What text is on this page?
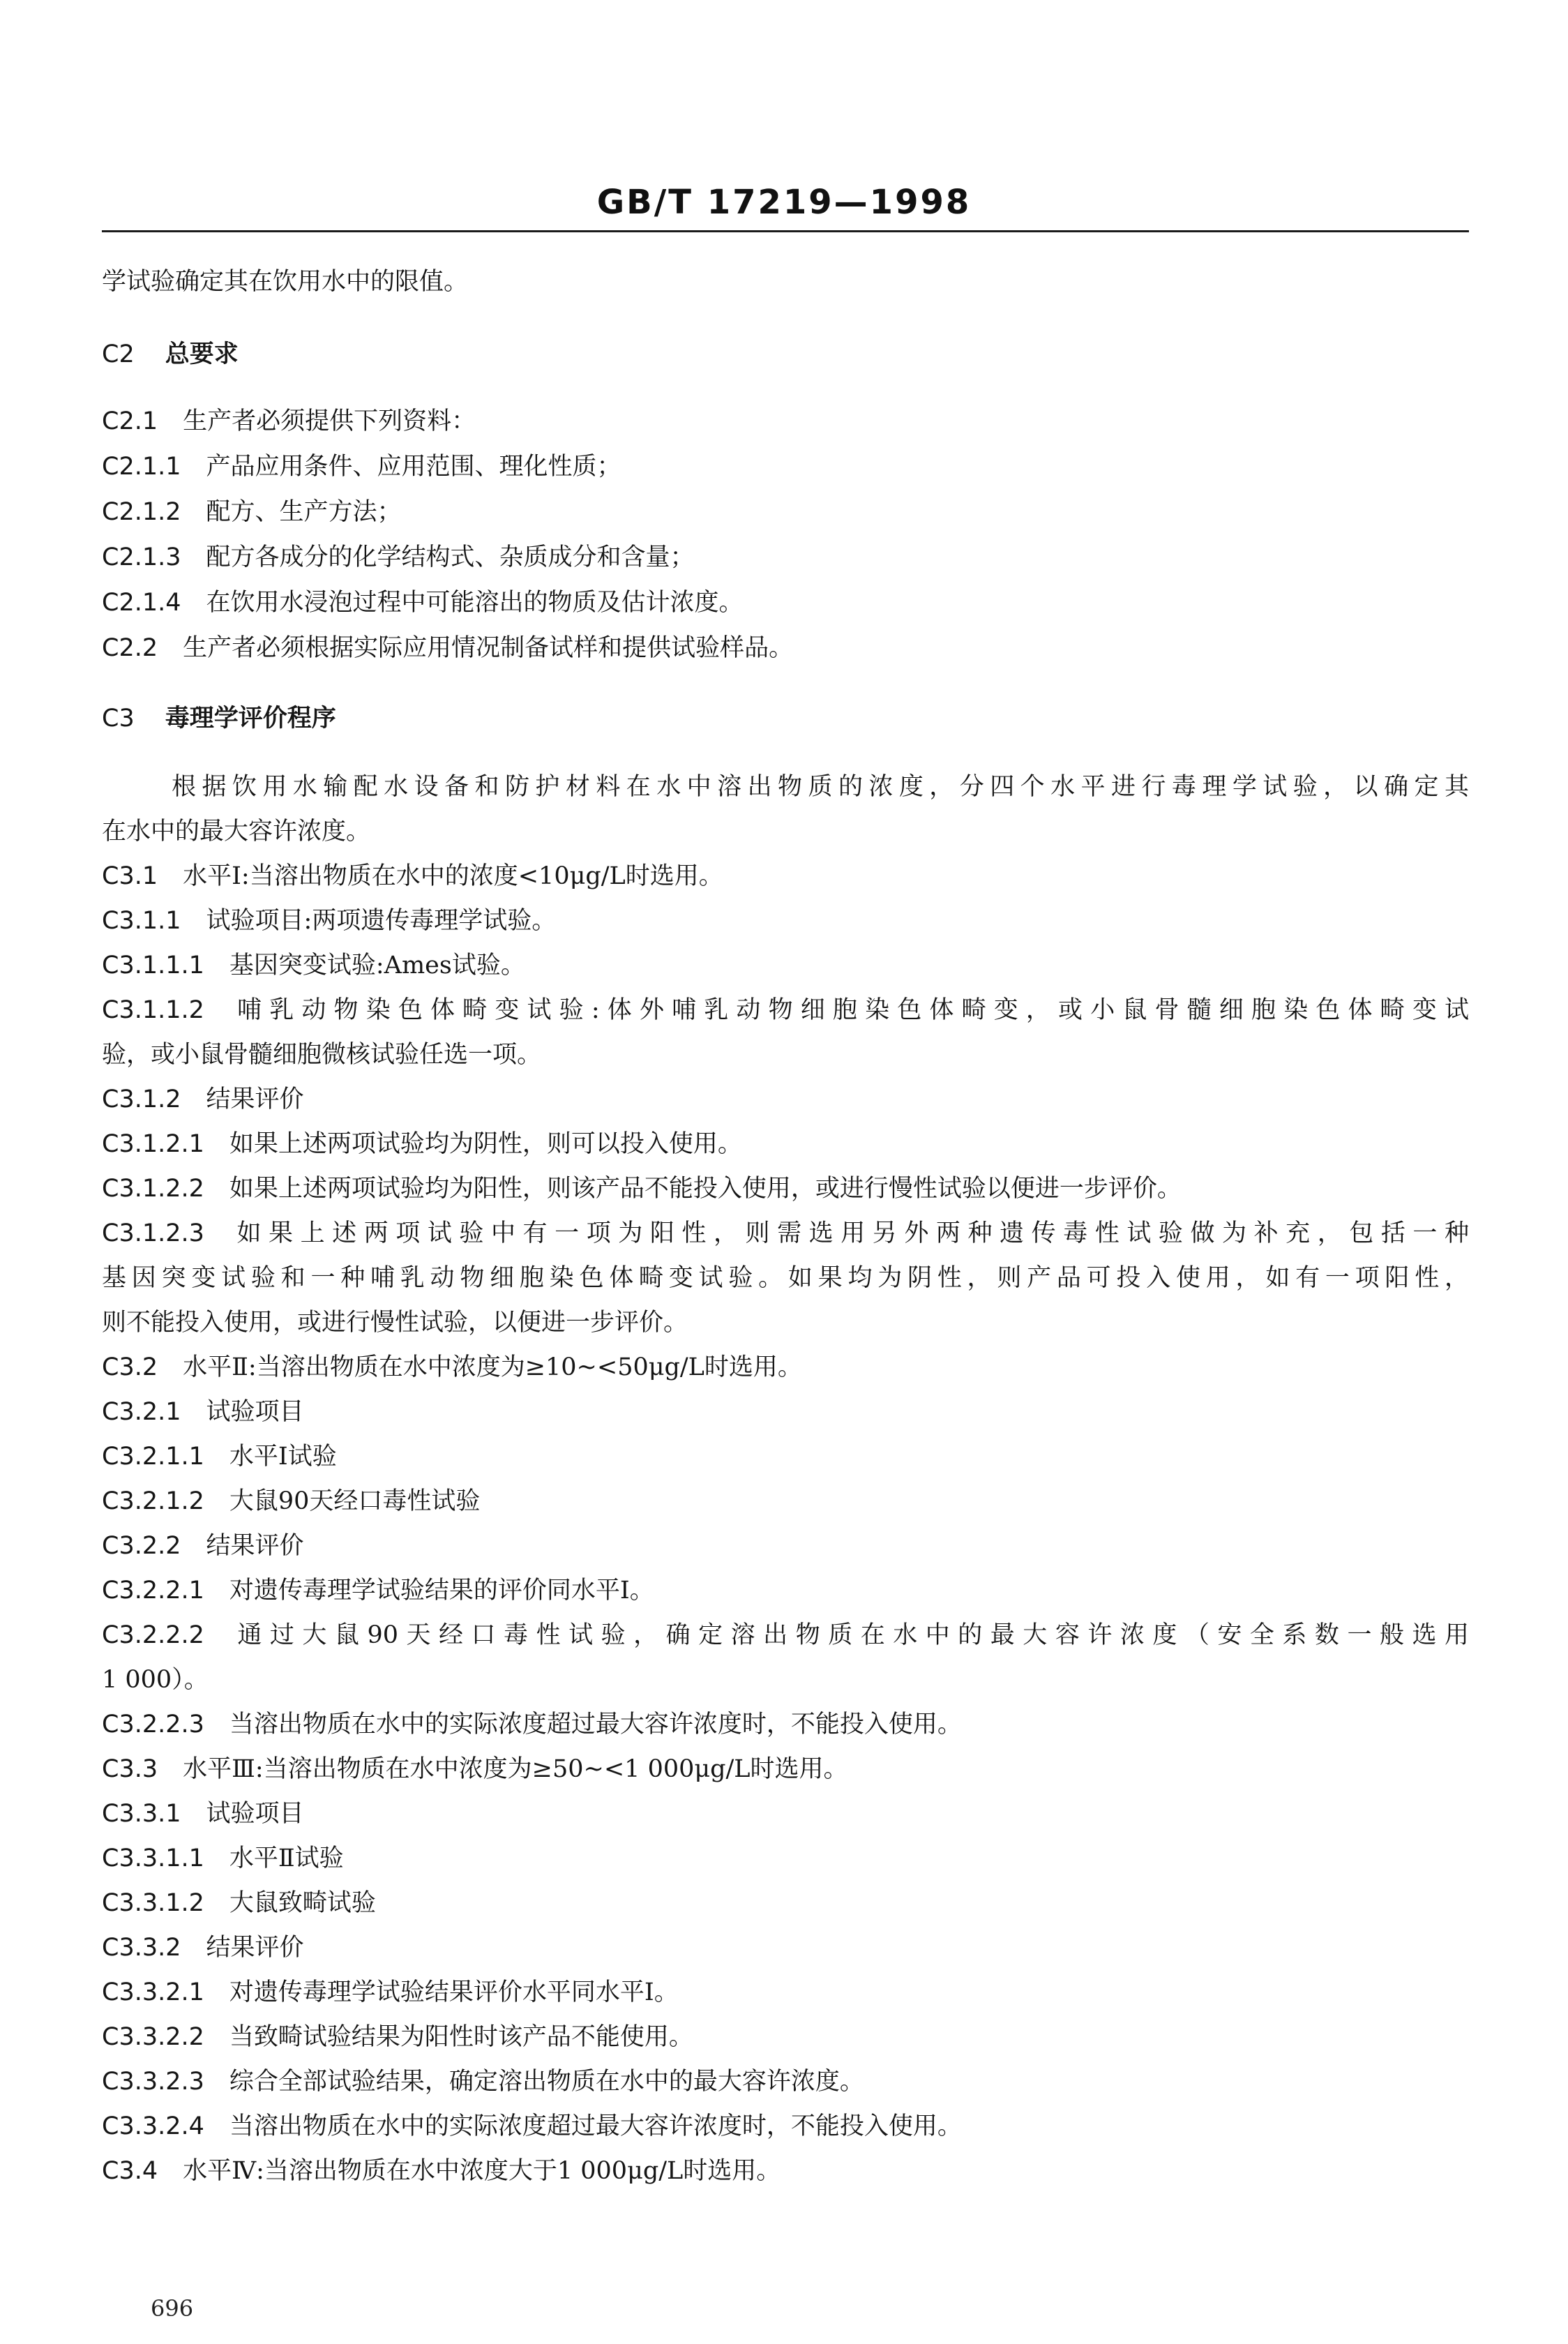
GB/T 17219—1998
学试验确定其在饮用水中的限值。
C2 总要求
C2.1 生产者必须提供下列资料：
C2.1.1 产品应用条件、应用范围、理化性质；
C2.1.2 配方、生产方法；
C2.1.3 配方各成分的化学结构式、杂质成分和含量；
C2.1.4 在饮用水浸泡过程中可能溶出的物质及估计浓度。
C2.2 生产者必须根据实际应用情况制备试样和提供试验样品。
C3 毒理学评价程序
根据饮用水输配水设备和防护材料在水中溶出物质的浓度，分四个水平进行毒理学试验，以确定其
在水中的最大容许浓度。
C3.1 水平Ⅰ:当溶出物质在水中的浓度<10μg/L时选用。
C3.1.1 试验项目:两项遗传毒理学试验。
C3.1.1.1 基因突变试验:Ames试验。
C3.1.1.2 哺乳动物染色体畸变试验:体外哺乳动物细胞染色体畸变，或小鼠骨髓细胞染色体畸变试
验，或小鼠骨髓细胞微核试验任选一项。
C3.1.2 结果评价
C3.1.2.1 如果上述两项试验均为阴性，则可以投入使用。
C3.1.2.2 如果上述两项试验均为阳性，则该产品不能投入使用，或进行慢性试验以便进一步评价。
C3.1.2.3 如果上述两项试验中有一项为阳性，则需选用另外两种遗传毒性试验做为补充，包括一种
基因突变试验和一种哺乳动物细胞染色体畸变试验。如果均为阴性，则产品可投入使用，如有一项阳性，
则不能投入使用，或进行慢性试验，以便进一步评价。
C3.2 水平Ⅱ:当溶出物质在水中浓度为≥10~<50μg/L时选用。
C3.2.1 试验项目
C3.2.1.1 水平Ⅰ试验
C3.2.1.2 大鼠90天经口毒性试验
C3.2.2 结果评价
C3.2.2.1 对遗传毒理学试验结果的评价同水平Ⅰ。
C3.2.2.2 通过大鼠90天经口毒性试验，确定溶出物质在水中的最大容许浓度（安全系数一般选用
1 000）。
C3.2.2.3 当溶出物质在水中的实际浓度超过最大容许浓度时，不能投入使用。
C3.3 水平Ⅲ:当溶出物质在水中浓度为≥50~<1 000μg/L时选用。
C3.3.1 试验项目
C3.3.1.1 水平Ⅱ试验
C3.3.1.2 大鼠致畸试验
C3.3.2 结果评价
C3.3.2.1 对遗传毒理学试验结果评价水平同水平Ⅰ。
C3.3.2.2 当致畸试验结果为阳性时该产品不能使用。
C3.3.2.3 综合全部试验结果，确定溶出物质在水中的最大容许浓度。
C3.3.2.4 当溶出物质在水中的实际浓度超过最大容许浓度时，不能投入使用。
C3.4 水平Ⅳ:当溶出物质在水中浓度大于1 000μg/L时选用。
696
